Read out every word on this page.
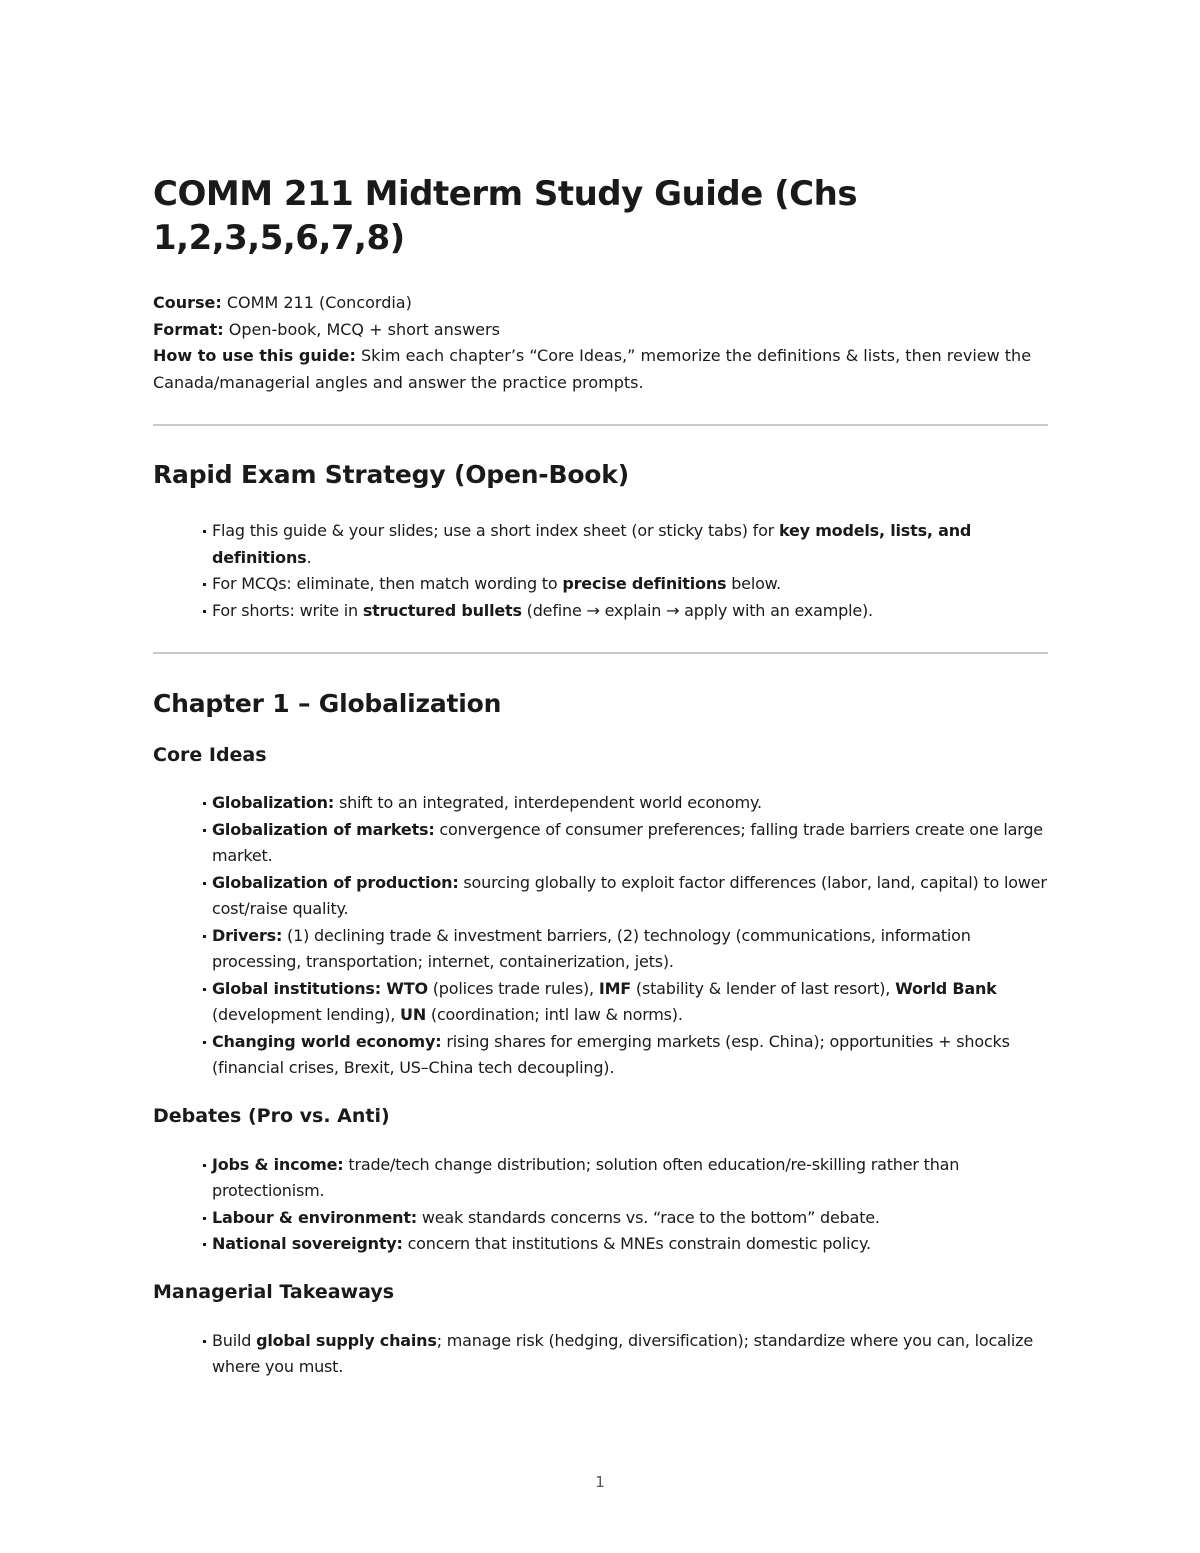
COMM 211 Midterm Study Guide (Chs 1,2,3,5,6,7,8)
Course: COMM 211 (Concordia)
Format: Open-book, MCQ + short answers
How to use this guide: Skim each chapter’s “Core Ideas,” memorize the definitions & lists, then review the Canada/managerial angles and answer the practice prompts.
Rapid Exam Strategy (Open-Book)
Flag this guide & your slides; use a short index sheet (or sticky tabs) for key models, lists, and definitions.
For MCQs: eliminate, then match wording to precise definitions below.
For shorts: write in structured bullets (define → explain → apply with an example).
Chapter 1 – Globalization
Core Ideas
Globalization: shift to an integrated, interdependent world economy.
Globalization of markets: convergence of consumer preferences; falling trade barriers create one large market.
Globalization of production: sourcing globally to exploit factor differences (labor, land, capital) to lower cost/raise quality.
Drivers: (1) declining trade & investment barriers, (2) technology (communications, information processing, transportation; internet, containerization, jets).
Global institutions: WTO (polices trade rules), IMF (stability & lender of last resort), World Bank (development lending), UN (coordination; intl law & norms).
Changing world economy: rising shares for emerging markets (esp. China); opportunities + shocks (financial crises, Brexit, US–China tech decoupling).
Debates (Pro vs. Anti)
Jobs & income: trade/tech change distribution; solution often education/re-skilling rather than protectionism.
Labour & environment: weak standards concerns vs. “race to the bottom” debate.
National sovereignty: concern that institutions & MNEs constrain domestic policy.
Managerial Takeaways
Build global supply chains; manage risk (hedging, diversification); standardize where you can, localize where you must.
1
